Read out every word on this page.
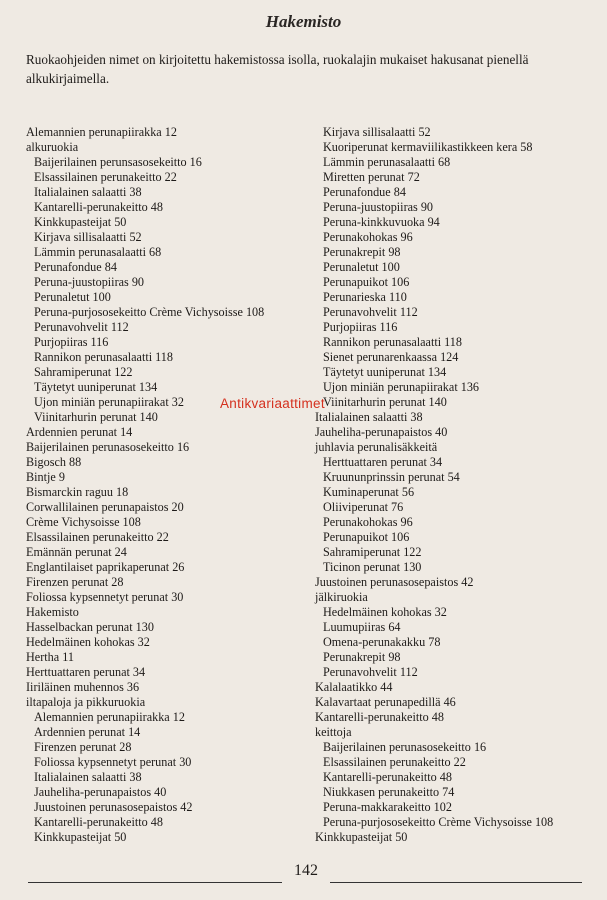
Hakemisto
Ruokaohjeiden nimet on kirjoitettu hakemistossa isolla, ruokalajin mukaiset hakusanat pienellä alkukirjaimella.
Alemannien perunapiirakka 12
alkuruokia
Baijerilainen perunsasosekeitto 16
Elsassilainen perunakeitto 22
Italialainen salaatti 38
Kantarelli-perunakeitto 48
Kinkkupasteijat 50
Kirjava sillisalaatti 52
Lämmin perunasalaatti 68
Perunafondue 84
Peruna-juustopiiras 90
Perunaletut 100
Peruna-purjososekeitto Crème Vichysoisse 108
Perunavohvelit 112
Purjopiiras 116
Rannikon perunasalaatti 118
Sahramiperunat 122
Täytetyt uuniperunat 134
Ujon miniän perunapiirakat 32
Viinitarhurin perunat 140
Ardennien perunat 14
Baijerilainen perunasosekeitto 16
Bigosch 88
Bintje 9
Bismarckin raguu 18
Corwallilainen perunapaistos 20
Crème Vichysoisse 108
Elsassilainen perunakeitto 22
Emännän perunat 24
Englantilaiset paprikaperunat 26
Firenzen perunat 28
Foliossa kypsennetyt perunat 30
Hakemisto
Hasselbackan perunat 130
Hedelmäinen kohokas 32
Hertha 11
Herttuattaren perunat 34
Iiriläinen muhennos 36
iltapaloja ja pikkuruokia
Alemannien perunapiirakka 12
Ardennien perunat 14
Firenzen perunat 28
Foliossa kypsennetyt perunat 30
Italialainen salaatti 38
Jauheliha-perunapaistos 40
Juustoinen perunasosepaistos 42
Kantarelli-perunakeitto 48
Kinkkupasteijat 50
Kirjava sillisalaatti 52
Kuoriperunat kermaviilikastikkeen kera 58
Lämmin perunasalaatti 68
Miretten perunat 72
Perunafondue 84
Peruna-juustopiiras 90
Peruna-kinkkuvuoka 94
Perunakohokas 96
Perunakrepit 98
Perunaletut 100
Perunapuikot 106
Perunarieska 110
Perunavohvelit 112
Purjopiiras 116
Rannikon perunasalaatti 118
Sienet perunarenkaassa 124
Täytetyt uuniperunat 134
Ujon miniän perunapiirakat 136
Viinitarhurin perunat 140
Italialainen salaatti 38
Jauheliha-perunapaistos 40
juhlavia perunalisäkkeitä
Herttuattaren perunat 34
Kruununprinssin perunat 54
Kuminaperunat 56
Oliiviperunat 76
Perunakohokas 96
Perunapuikot 106
Sahramiperunat 122
Ticinon perunat 130
Juustoinen perunasosepaistos 42
jälkiruokia
Hedelmäinen kohokas 32
Luumupiiras 64
Omena-perunakakku 78
Perunakrepit 98
Perunavohvelit 112
Kalalaatikko 44
Kalavartaat perunapedillä 46
Kantarelli-perunakeitto 48
keittoja
Baijerilainen perunasosekeitto 16
Elsassilainen perunakeitto 22
Kantarelli-perunakeitto 48
Niukkasen perunakeitto 74
Peruna-makkarakeitto 102
Peruna-purjososekeitto Crème Vichysoisse 108
Kinkkupasteijat 50
Antikvariaattimet
142
